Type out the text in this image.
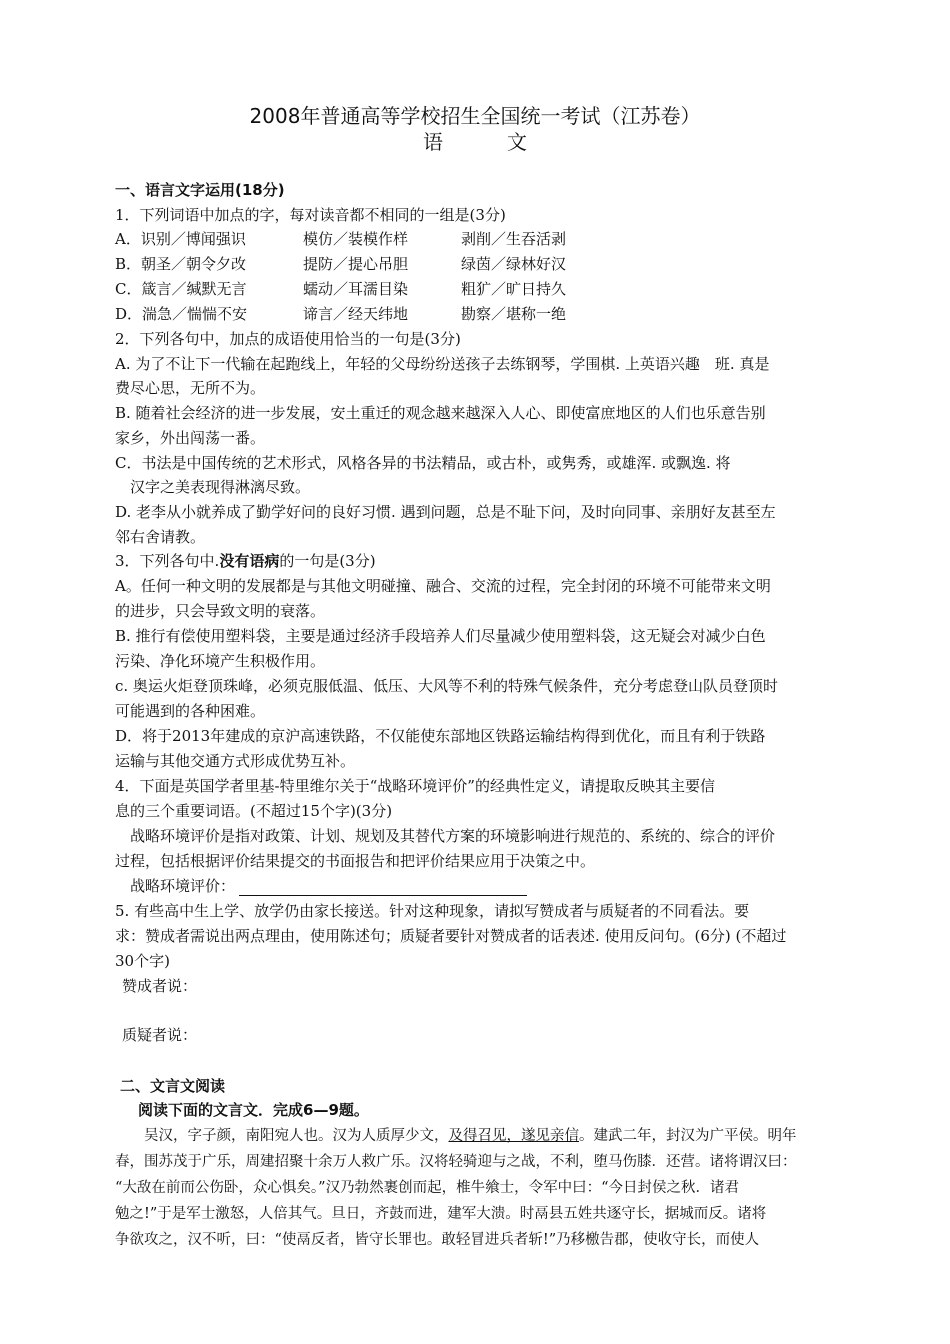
2008年普通高等学校招生全国统一考试（江苏卷）
语文
一、语言文字运用(18分)
1．下列词语中加点的字，每对读音都不相同的一组是(3分)
A．识别／博闻强识	模仿／装模作样	剥削／生吞活剥
B．朝圣／朝令夕改	提防／提心吊胆	绿茵／绿林好汉
C．箴言／缄默无言	蠕动／耳濡目染	粗犷／旷日持久
D．湍急／惴惴不安	谛言／经天纬地	勘察／堪称一绝
2．下列各句中，加点的成语使用恰当的一句是(3分)
A. 为了不让下一代输在起跑线上，年轻的父母纷纷送孩子去练钢琴，学围棋. 上英语兴趣　班. 真是
费尽心思，无所不为。
B. 随着社会经济的进一步发展，安土重迁的观念越来越深入人心、即使富庶地区的人们也乐意告别
家乡，外出闯荡一番。
C．书法是中国传统的艺术形式，风格各异的书法精品，或古朴，或隽秀，或雄浑. 或飘逸. 将
汉字之美表现得淋漓尽致。
D. 老李从小就养成了勤学好问的良好习惯. 遇到问题，总是不耻下问，及时向同事、亲朋好友甚至左
邻右舍请教。
3．下列各句中.没有语病的一句是(3分)
A。任何一种文明的发展都是与其他文明碰撞、融合、交流的过程，完全封闭的环境不可能带来文明
的进步，只会导致文明的衰落。
B. 推行有偿使用塑料袋，主要是通过经济手段培养人们尽量减少使用塑料袋，这无疑会对减少白色
污染、净化环境产生积极作用。
c. 奥运火炬登顶珠峰，必须克服低温、低压、大风等不利的特殊气候条件，充分考虑登山队员登顶时
可能遇到的各种困难。
D．将于2013年建成的京沪高速铁路，不仅能使东部地区铁路运输结构得到优化，而且有利于铁路
运输与其他交通方式形成优势互补。
4．下面是英国学者里基-特里维尔关于“战略环境评价”的经典性定义，请提取反映其主要信
息的三个重要词语。(不超过15个字)(3分)
战略环境评价是指对政策、计划、规划及其替代方案的环境影响进行规范的、系统的、综合的评价
过程，包括根据评价结果提交的书面报告和把评价结果应用于决策之中。
战略环境评价：
5. 有些高中生上学、放学仍由家长接送。针对这种现象，请拟写赞成者与质疑者的不同看法。要
求：赞成者需说出两点理由，使用陈述句；质疑者要针对赞成者的话表述. 使用反问句。(6分) (不超过
30个字)
赞成者说：
质疑者说：
二、文言文阅读
阅读下面的文言文．完成6—9题。
　　吴汉，字子颜，南阳宛人也。汉为人质厚少文，及得召见，遂见亲信。建武二年，封汉为广平侯。明年
春，围苏茂于广乐，周建招聚十余万人救广乐。汉将轻骑迎与之战，不利，堕马伤膝．还营。诸将谓汉曰：
“大敌在前而公伤卧，众心惧矣。”汉乃勃然裹创而起，椎牛飨士，令军中曰：“今日封侯之秋．诸君
勉之!”于是军士激怒，人倍其气。旦日，齐鼓而进，建军大溃。时鬲县五姓共逐守长，据城而反。诸将
争欲攻之，汉不听，曰：“使鬲反者，皆守长罪也。敢轻冒进兵者斩!”乃移檄告郡，使收守长，而使人
